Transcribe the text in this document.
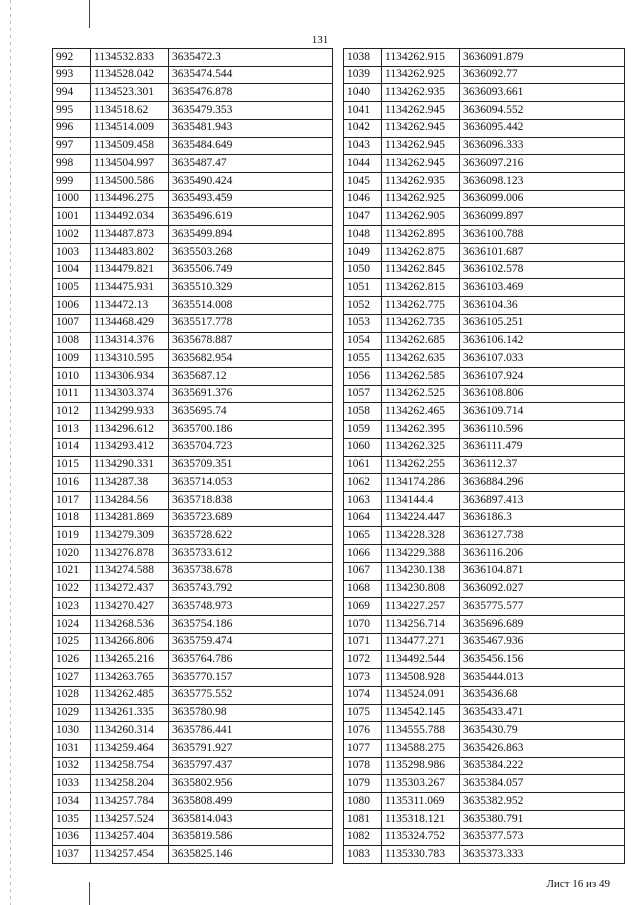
131
992	1134532.833	3635472.3
993	1134528.042	3635474.544
994	1134523.301	3635476.878
995	1134518.62	3635479.353
996	1134514.009	3635481.943
997	1134509.458	3635484.649
998	1134504.997	3635487.47
999	1134500.586	3635490.424
1000	1134496.275	3635493.459
1001	1134492.034	3635496.619
1002	1134487.873	3635499.894
1003	1134483.802	3635503.268
1004	1134479.821	3635506.749
1005	1134475.931	3635510.329
1006	1134472.13	3635514.008
1007	1134468.429	3635517.778
1008	1134314.376	3635678.887
1009	1134310.595	3635682.954
1010	1134306.934	3635687.12
1011	1134303.374	3635691.376
1012	1134299.933	3635695.74
1013	1134296.612	3635700.186
1014	1134293.412	3635704.723
1015	1134290.331	3635709.351
1016	1134287.38	3635714.053
1017	1134284.56	3635718.838
1018	1134281.869	3635723.689
1019	1134279.309	3635728.622
1020	1134276.878	3635733.612
1021	1134274.588	3635738.678
1022	1134272.437	3635743.792
1023	1134270.427	3635748.973
1024	1134268.536	3635754.186
1025	1134266.806	3635759.474
1026	1134265.216	3635764.786
1027	1134263.765	3635770.157
1028	1134262.485	3635775.552
1029	1134261.335	3635780.98
1030	1134260.314	3635786.441
1031	1134259.464	3635791.927
1032	1134258.754	3635797.437
1033	1134258.204	3635802.956
1034	1134257.784	3635808.499
1035	1134257.524	3635814.043
1036	1134257.404	3635819.586
1037	1134257.454	3635825.146
1038	1134262.915	3636091.879
1039	1134262.925	3636092.77
1040	1134262.935	3636093.661
1041	1134262.945	3636094.552
1042	1134262.945	3636095.442
1043	1134262.945	3636096.333
1044	1134262.945	3636097.216
1045	1134262.935	3636098.123
1046	1134262.925	3636099.006
1047	1134262.905	3636099.897
1048	1134262.895	3636100.788
1049	1134262.875	3636101.687
1050	1134262.845	3636102.578
1051	1134262.815	3636103.469
1052	1134262.775	3636104.36
1053	1134262.735	3636105.251
1054	1134262.685	3636106.142
1055	1134262.635	3636107.033
1056	1134262.585	3636107.924
1057	1134262.525	3636108.806
1058	1134262.465	3636109.714
1059	1134262.395	3636110.596
1060	1134262.325	3636111.479
1061	1134262.255	3636112.37
1062	1134174.286	3636884.296
1063	1134144.4	3636897.413
1064	1134224.447	3636186.3
1065	1134228.328	3636127.738
1066	1134229.388	3636116.206
1067	1134230.138	3636104.871
1068	1134230.808	3636092.027
1069	1134227.257	3635775.577
1070	1134256.714	3635696.689
1071	1134477.271	3635467.936
1072	1134492.544	3635456.156
1073	1134508.928	3635444.013
1074	1134524.091	3635436.68
1075	1134542.145	3635433.471
1076	1134555.788	3635430.79
1077	1134588.275	3635426.863
1078	1135298.986	3635384.222
1079	1135303.267	3635384.057
1080	1135311.069	3635382.952
1081	1135318.121	3635380.791
1082	1135324.752	3635377.573
1083	1135330.783	3635373.333
Лист 16 из 49
